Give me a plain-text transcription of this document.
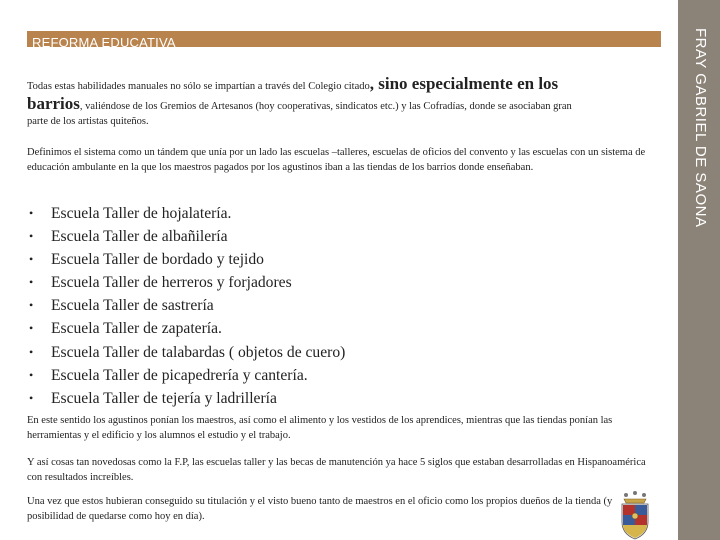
REFORMA EDUCATIVA	FRAY GABRIEL DE SAONA
Todas estas habilidades manuales no sólo se impartían a través del Colegio citado, sino especialmente en los
barrios, valiéndose de los Gremios de Artesanos (hoy cooperativas, sindicatos etc.) y las Cofradías, donde se asociaban gran
parte de los artistas quiteños.
Definimos el sistema como un tándem que unía por un lado las escuelas –talleres, escuelas de oficios del convento y las escuelas con un sistema de educación ambulante en la que los maestros pagados por los agustinos iban a las tiendas de los barrios donde enseñaban.
• Escuela Taller de hojalatería.
• Escuela Taller de albañilería
• Escuela Taller de bordado y tejido
• Escuela Taller de herreros y forjadores
• Escuela Taller de sastrería
• Escuela Taller de zapatería.
• Escuela Taller de talabardas ( objetos de cuero)
• Escuela Taller de picapedrería y cantería.
• Escuela Taller de tejería y ladrillería
En este sentido los agustinos ponían los maestros, así como el alimento y los vestidos de los aprendices, mientras que las tiendas ponían las herramientas y el edificio y los alumnos el estudio y el trabajo.
Y así cosas tan novedosas como la F.P, las escuelas taller y las becas de manutención ya hace 5 siglos que estaban desarrolladas en Hispanoamérica con resultados increíbles.
Una vez que estos hubieran conseguido su titulación y el visto bueno tanto de maestros en el oficio como los propios dueños de la tienda (y posibilidad de quedarse como hoy en día).
